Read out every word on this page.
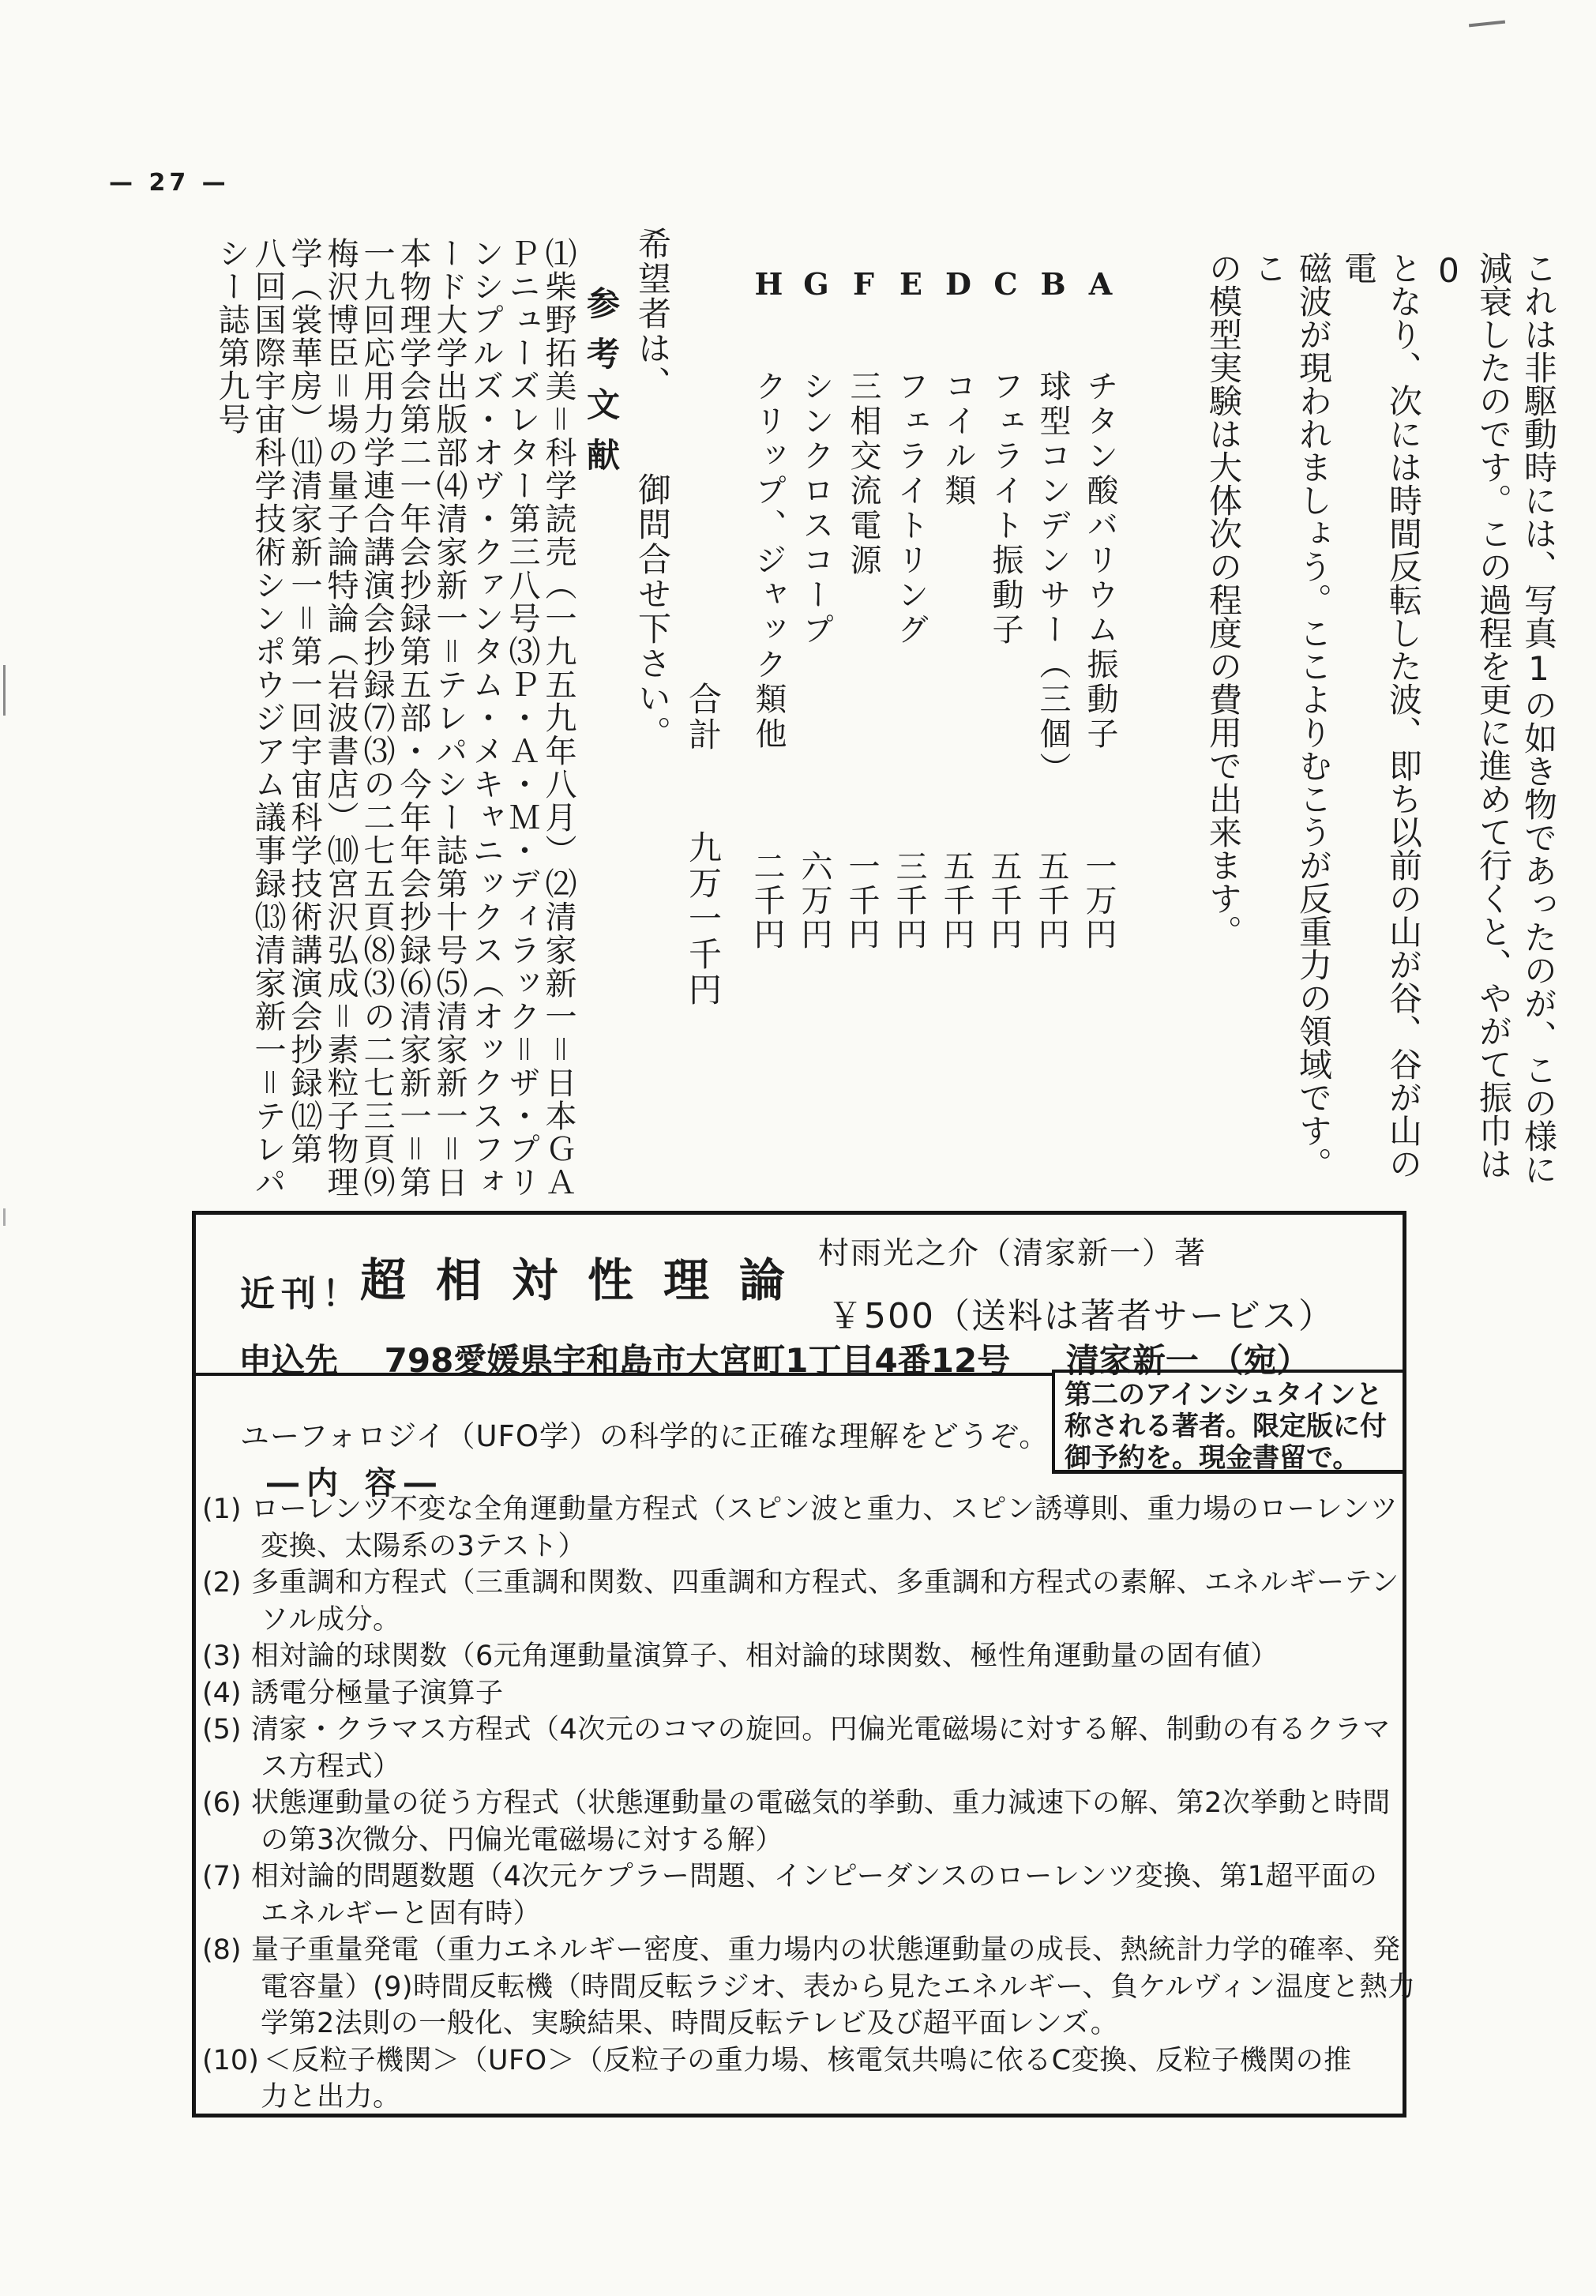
— 27 —
これは非駆動時には、写真1の如き物であったのが、この様に
減衰したのです。この過程を更に進めて行くと、やがて振巾は0
となり、次には時間反転した波、即ち以前の山が谷、谷が山の電
磁波が現われましょう。ここよりむこうが反重力の領域です。こ
の模型実験は大体次の程度の費用で出来ます。
A チタン酸バリウム振動子
一万円
B 球型コンデンサー（三個）
五千円
C フェライト振動子
五千円
D コイル類
五千円
E フェライトリング
三千円
F 三相交流電源
一千円
G シンクロスコープ
六万円
H クリップ、ジャック類他
二千円
合計 九万一千円
希望者は、 御問合せ下さい。
参考文献
⑴柴野拓美＝科学読売（一九五九年八月）⑵清家新一＝日本ＧＡ
Ｐニューズレター第三八号⑶Ｐ・Ａ・Ｍ・ディラック＝ザ・プリ
ンシプルズ・オヴ・クァンタム・メキャニックス（オックスフォ
ード大学出版部⑷清家新一＝テレパシー誌第十号⑸清家新一＝日
本物理学会第二一年会抄録第五部・今年年会抄録⑹清家新一＝第
一九回応用力学連合講演会抄録⑺⑶の二七五頁⑻⑶の二七三頁⑼
梅沢博臣＝場の量子論特論（岩波書店）⑽宮沢弘成＝素粒子物理
学（裳華房）⑾清家新一＝第一回宇宙科学技術講演会抄録⑿第
八回国際宇宙科学技術シンポウジアム議事録⒀清家新一＝テレパ
シー誌第九号
近刊！
超相対性理論 村雨光之介（清家新一）著
￥500（送料は著者サービス）
申込先 798愛媛県宇和島市大宮町1丁目4番12号 清家新一 （宛）
第二のアインシュタインと
称される著者。限定版に付
御予約を。現金書留で。
ユーフォロジイ（UFO学）の科学的に正確な理解をどうぞ。
―内 容―
(1) ローレンツ不変な全角運動量方程式（スピン波と重力、スピン誘導則、重力場のローレンツ
変換、太陽系の3テスト）
(2) 多重調和方程式（三重調和関数、四重調和方程式、多重調和方程式の素解、エネルギーテン
ソル成分。
(3) 相対論的球関数（6元角運動量演算子、相対論的球関数、極性角運動量の固有値）
(4) 誘電分極量子演算子
(5) 清家・クラマス方程式（4次元のコマの旋回。円偏光電磁場に対する解、制動の有るクラマ
ス方程式）
(6) 状態運動量の従う方程式（状態運動量の電磁気的挙動、重力減速下の解、第2次挙動と時間
の第3次微分、円偏光電磁場に対する解）
(7) 相対論的問題数題（4次元ケプラー問題、インピーダンスのローレンツ変換、第1超平面の
エネルギーと固有時）
(8) 量子重量発電（重力エネルギー密度、重力場内の状態運動量の成長、熱統計力学的確率、発
電容量）(9)時間反転機（時間反転ラジオ、表から見たエネルギー、負ケルヴィン温度と熱力
学第2法則の一般化、実験結果、時間反転テレビ及び超平面レンズ。
(10) ＜反粒子機関＞（UFO＞（反粒子の重力場、核電気共鳴に依るC変換、反粒子機関の推
力と出力。
